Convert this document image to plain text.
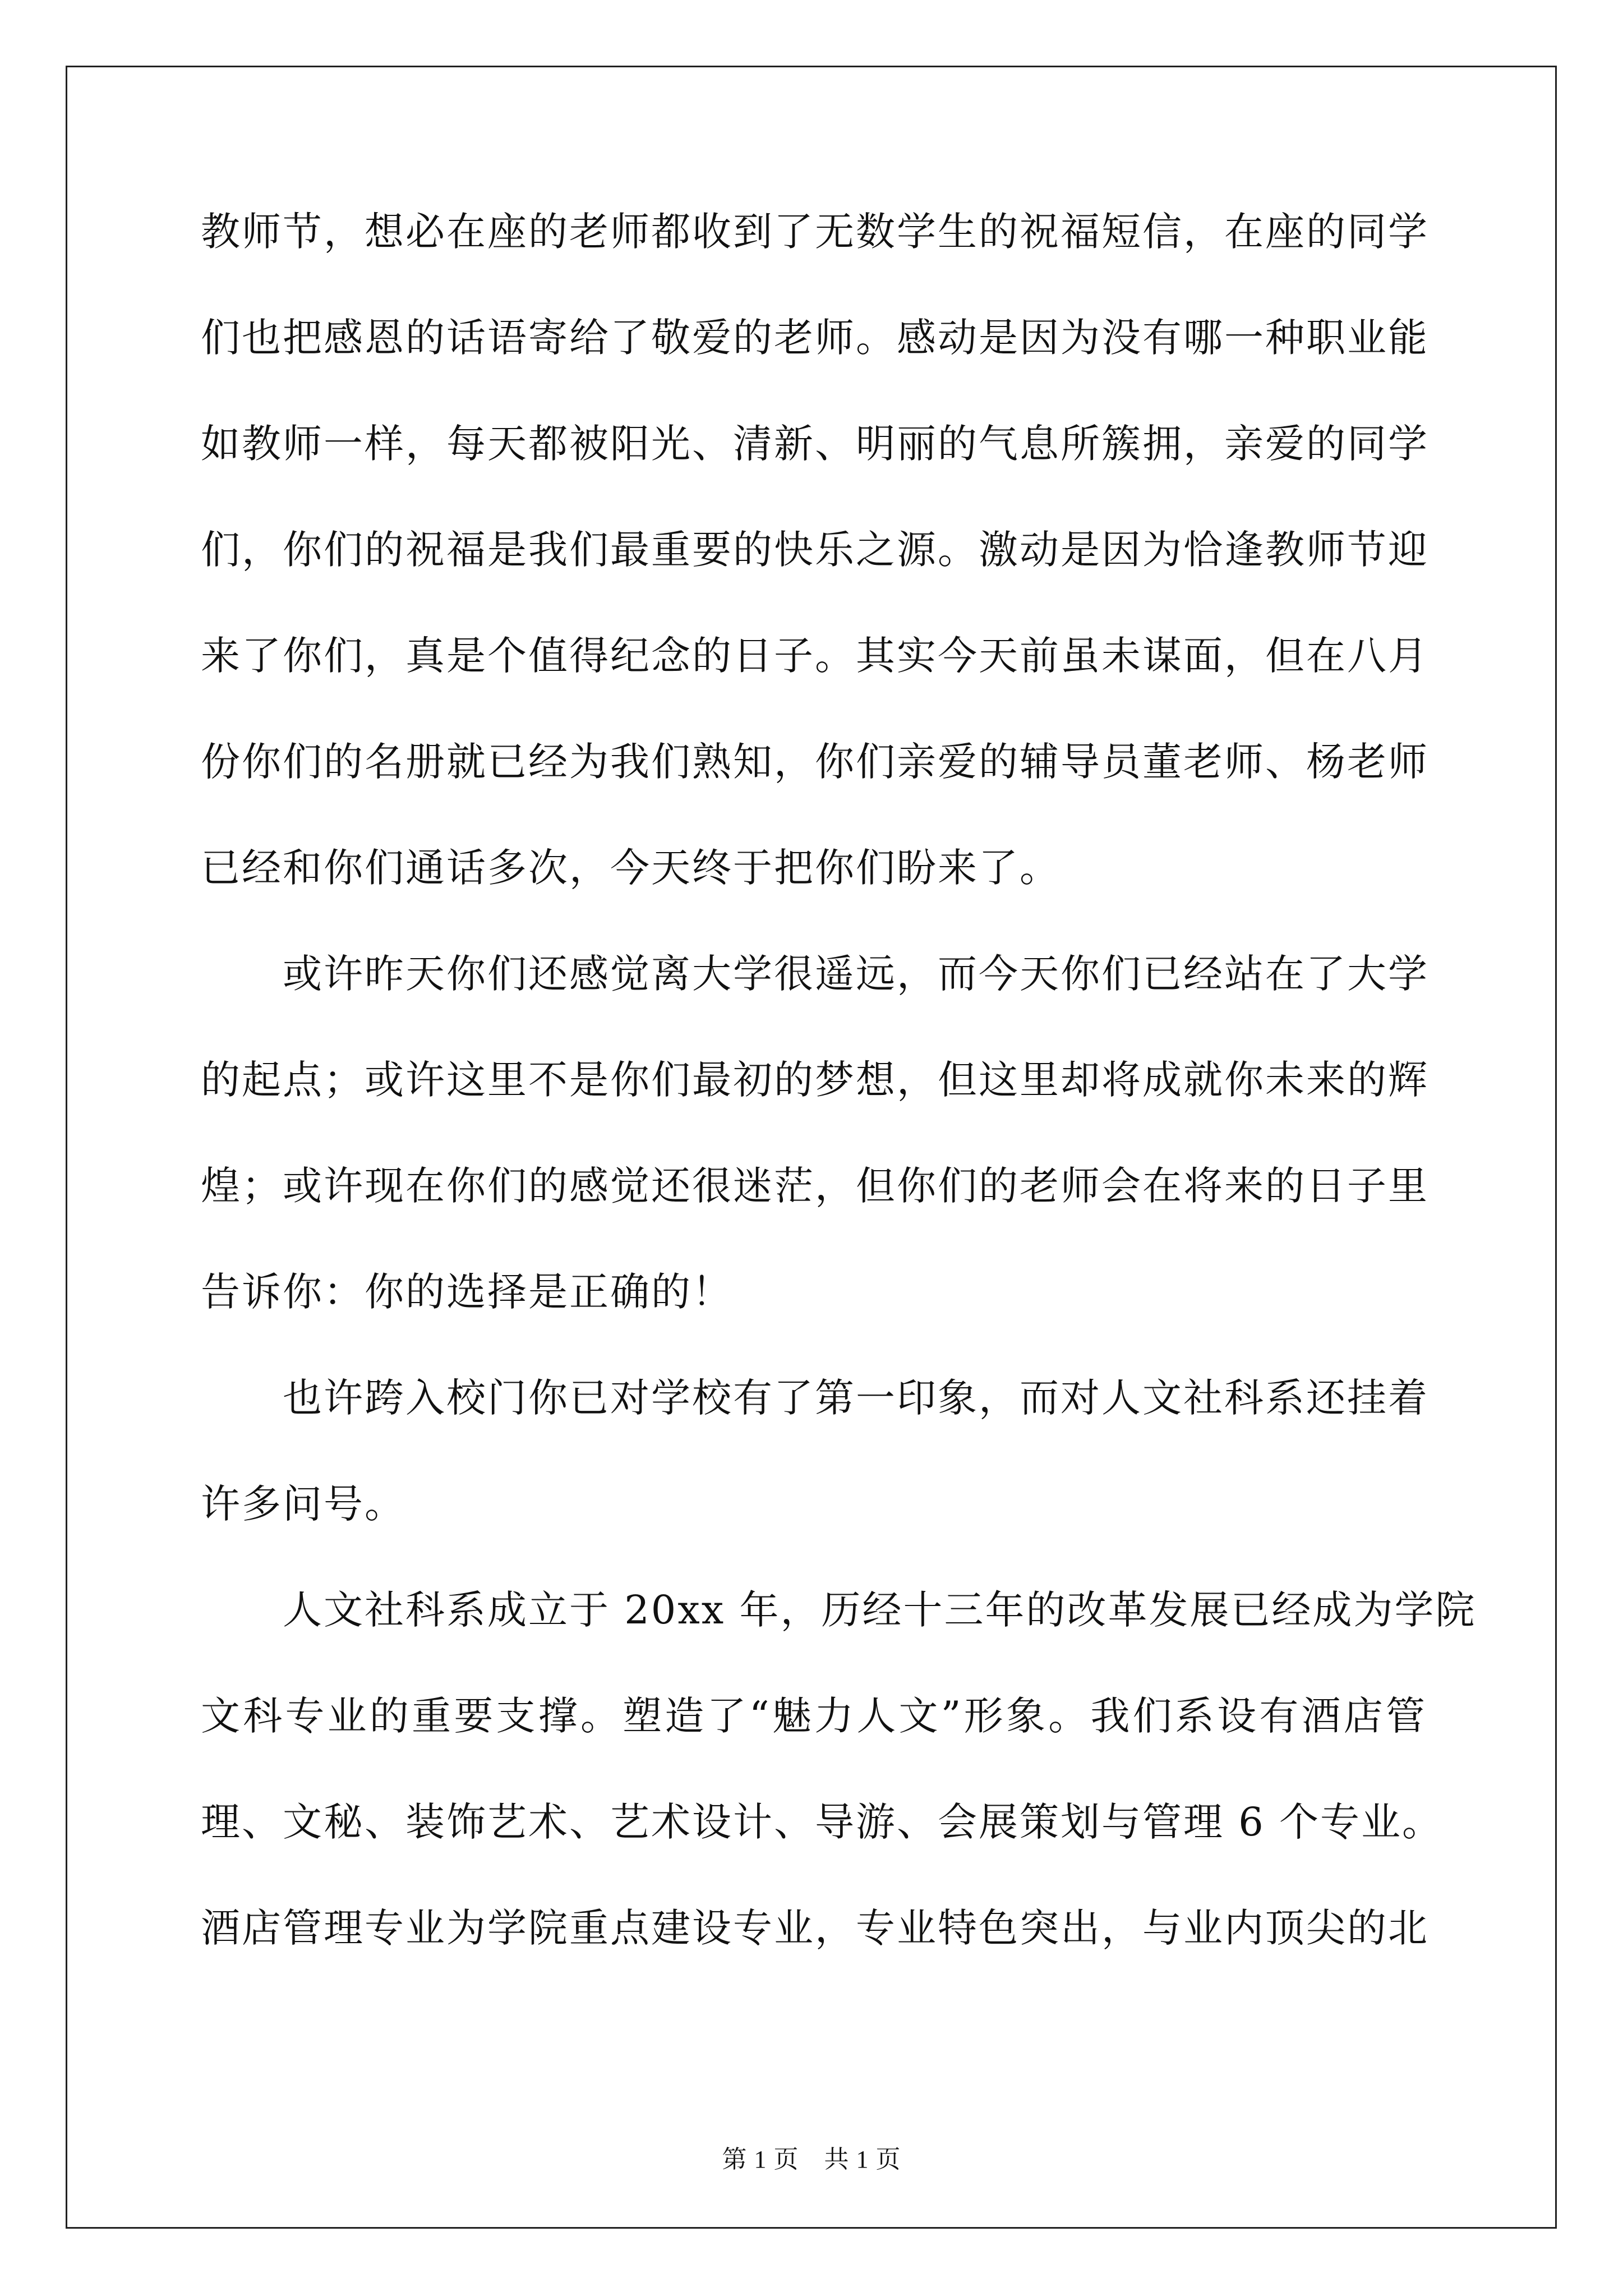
教师节，想必在座的老师都收到了无数学生的祝福短信，在座的同学
们也把感恩的话语寄给了敬爱的老师。感动是因为没有哪一种职业能
如教师一样，每天都被阳光、清新、明丽的气息所簇拥，亲爱的同学
们，你们的祝福是我们最重要的快乐之源。激动是因为恰逢教师节迎
来了你们，真是个值得纪念的日子。其实今天前虽未谋面，但在八月
份你们的名册就已经为我们熟知，你们亲爱的辅导员董老师、杨老师
已经和你们通话多次，今天终于把你们盼来了。
　　或许昨天你们还感觉离大学很遥远，而今天你们已经站在了大学
的起点；或许这里不是你们最初的梦想，但这里却将成就你未来的辉
煌；或许现在你们的感觉还很迷茫，但你们的老师会在将来的日子里
告诉你：你的选择是正确的！
　　也许跨入校门你已对学校有了第一印象，而对人文社科系还挂着
许多问号。
　　人文社科系成立于 20xx 年，历经十三年的改革发展已经成为学院
文科专业的重要支撑。塑造了“魅力人文”形象。我们系设有酒店管
理、文秘、装饰艺术、艺术设计、导游、会展策划与管理 6 个专业。
酒店管理专业为学院重点建设专业，专业特色突出，与业内顶尖的北
第 1 页　共 1 页
